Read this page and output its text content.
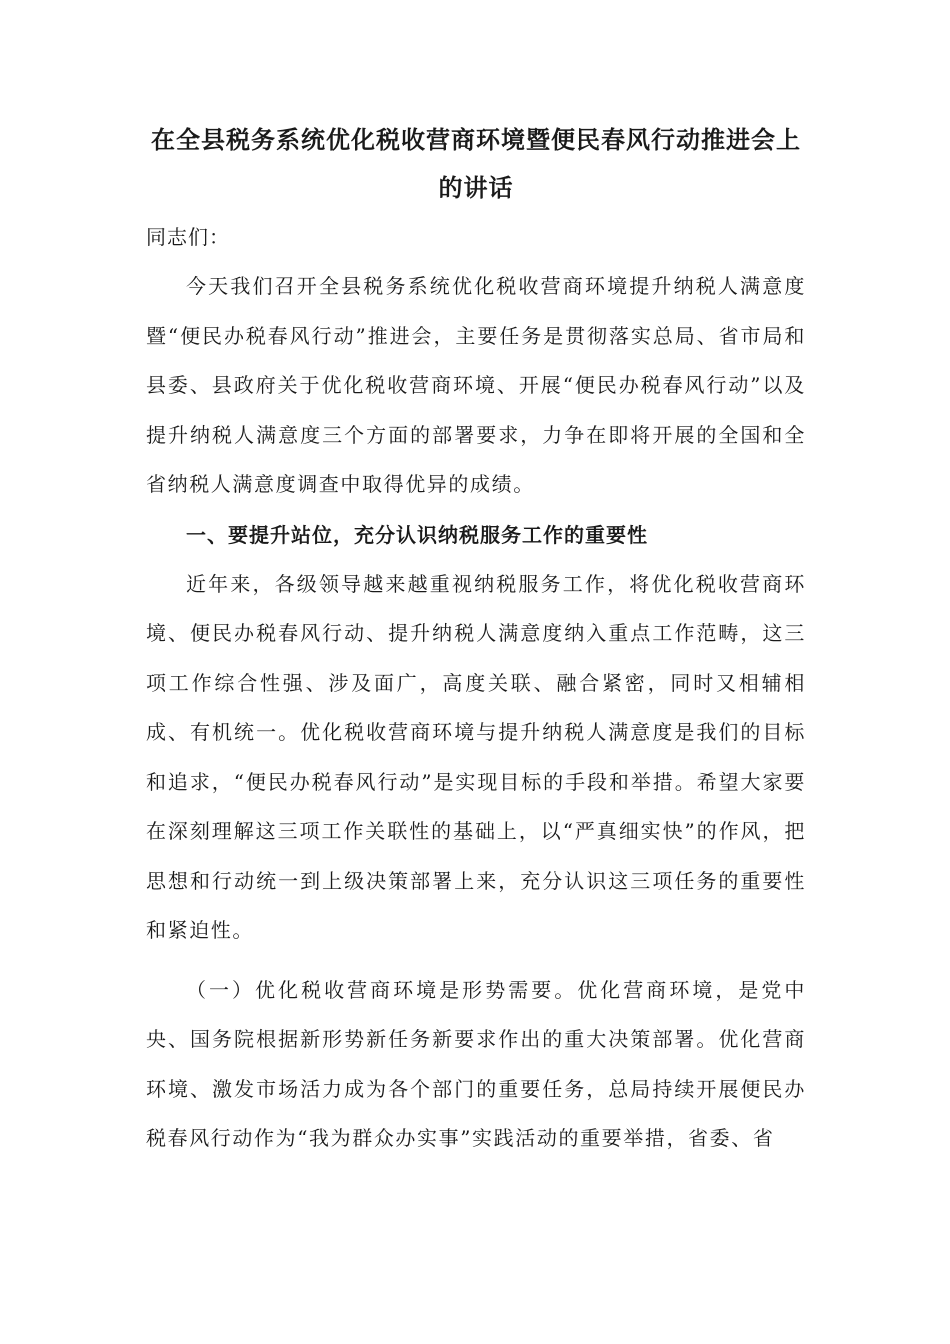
在全县税务系统优化税收营商环境暨便民春风行动推进会上的讲话
同志们：

今天我们召开全县税务系统优化税收营商环境提升纳税人满意度暨“便民办税春风行动”推进会，主要任务是贯彻落实总局、省市局和县委、县政府关于优化税收营商环境、开展“便民办税春风行动”以及提升纳税人满意度三个方面的部署要求，力争在即将开展的全国和全省纳税人满意度调查中取得优异的成绩。

一、要提升站位，充分认识纳税服务工作的重要性

近年来，各级领导越来越重视纳税服务工作，将优化税收营商环境、便民办税春风行动、提升纳税人满意度纳入重点工作范畴，这三项工作综合性强、涉及面广，高度关联、融合紧密，同时又相辅相成、有机统一。优化税收营商环境与提升纳税人满意度是我们的目标和追求，“便民办税春风行动”是实现目标的手段和举措。希望大家要在深刻理解这三项工作关联性的基础上，以“严真细实快”的作风，把思想和行动统一到上级决策部署上来，充分认识这三项任务的重要性和紧迫性。

（一）优化税收营商环境是形势需要。优化营商环境，是党中央、国务院根据新形势新任务新要求作出的重大决策部署。优化营商环境、激发市场活力成为各个部门的重要任务，总局持续开展便民办税春风行动作为“我为群众办实事”实践活动的重要举措，省委、省
